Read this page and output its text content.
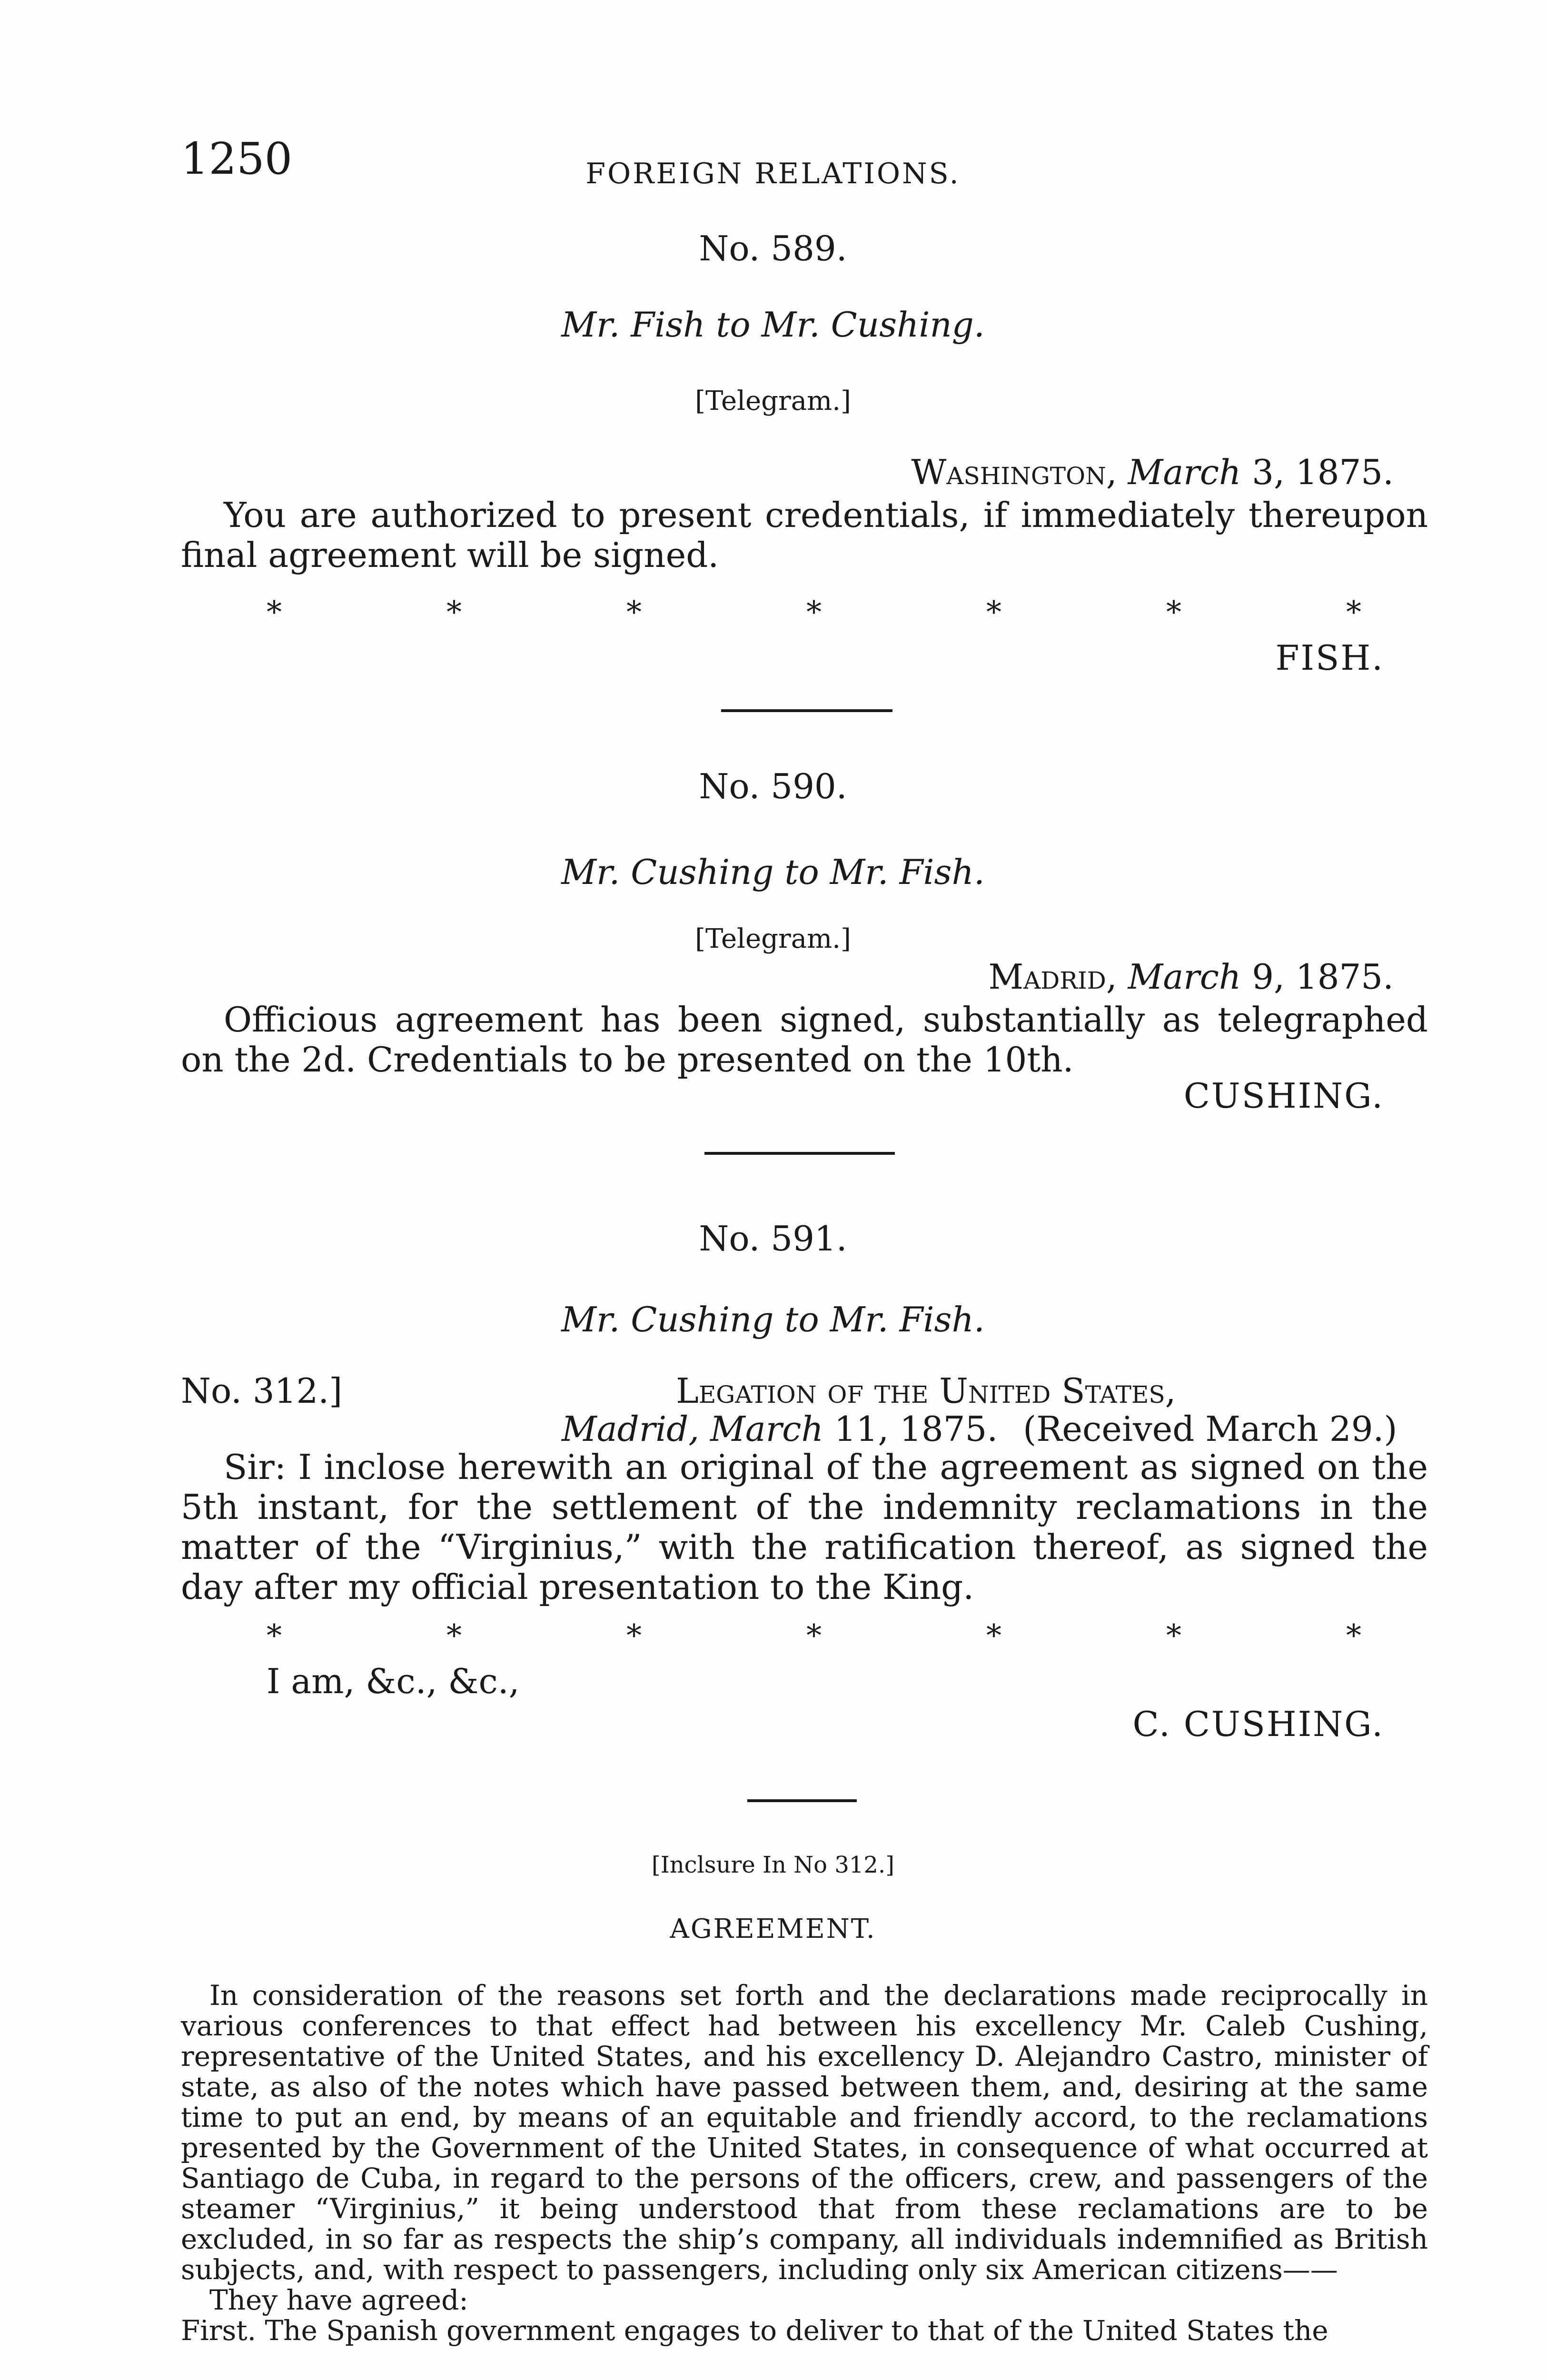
1250	FOREIGN RELATIONS.
No. 589.
Mr. Fish to Mr. Cushing.
[Telegram.]
Washington, March 3, 1875.

You are authorized to present credentials, if immediately thereupon final agreement will be signed.

*	*	*	*	*	*	*
FISH.
No. 590.
Mr. Cushing to Mr. Fish.
[Telegram.]
Madrid, March 9, 1875.

Officious agreement has been signed, substantially as telegraphed on the 2d. Credentials to be presented on the 10th.

CUSHING.
No. 591.
Mr. Cushing to Mr. Fish.
No. 312.]	Legation of the United States,
Madrid, March 11, 1875. (Received March 29.)

Sir: I inclose herewith an original of the agreement as signed on the 5th instant, for the settlement of the indemnity reclamations in the matter of the “Virginius,” with the ratification thereof, as signed the day after my official presentation to the King.

*	*	*	*	*	*	*
I am, &c., &c.,
C. CUSHING.
[Inclsure In No 312.]
AGREEMENT.

In consideration of the reasons set forth and the declarations made reciprocally in various conferences to that effect had between his excellency Mr. Caleb Cushing, representative of the United States, and his excellency D. Alejandro Castro, minister of state, as also of the notes which have passed between them, and, desiring at the same time to put an end, by means of an equitable and friendly accord, to the reclamations presented by the Government of the United States, in consequence of what occurred at Santiago de Cuba, in regard to the persons of the officers, crew, and passengers of the steamer “Virginius,” it being understood that from these reclamations are to be excluded, in so far as respects the ship’s company, all individuals indemnified as British subjects, and, with respect to passengers, including only six American citizens——

They have agreed:

First. The Spanish government engages to deliver to that of the United States the
